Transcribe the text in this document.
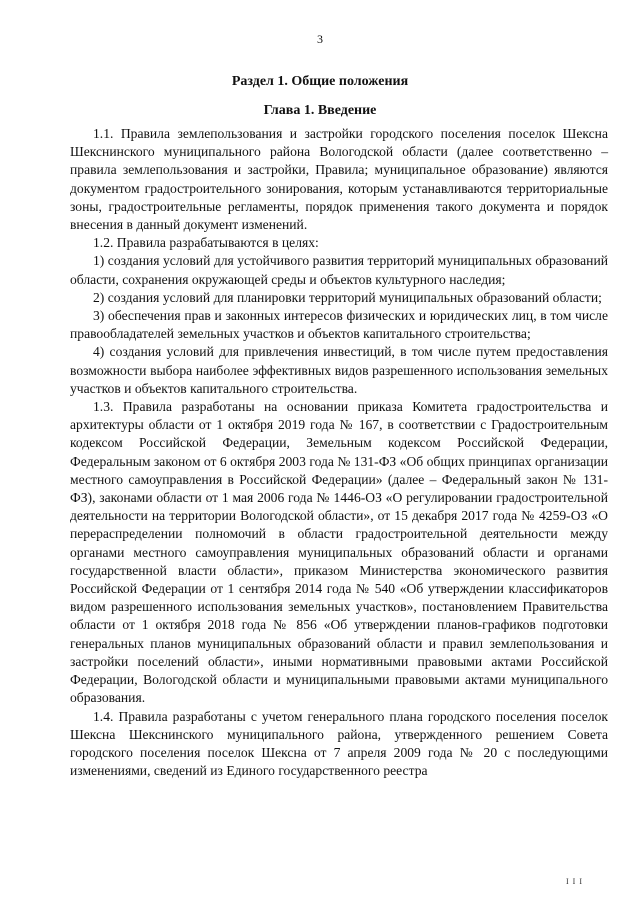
3
Раздел 1. Общие положения
Глава 1. Введение

1.1. Правила землепользования и застройки городского поселения поселок Шексна Шекснинского муниципального района Вологодской области (далее соответственно – правила землепользования и застройки, Правила; муниципальное образование) являются документом градостроительного зонирования, которым устанавливаются территориальные зоны, градостроительные регламенты, порядок применения такого документа и порядок внесения в данный документ изменений.

1.2. Правила разрабатываются в целях:

1) создания условий для устойчивого развития территорий муниципальных образований области, сохранения окружающей среды и объектов культурного наследия;

2) создания условий для планировки территорий муниципальных образований области;

3) обеспечения прав и законных интересов физических и юридических лиц, в том числе правообладателей земельных участков и объектов капитального строительства;

4) создания условий для привлечения инвестиций, в том числе путем предоставления возможности выбора наиболее эффективных видов разрешенного использования земельных участков и объектов капитального строительства.

1.3. Правила разработаны на основании приказа Комитета градостроительства и архитектуры области от 1 октября 2019 года № 167, в соответствии с Градостроительным кодексом Российской Федерации, Земельным кодексом Российской Федерации, Федеральным законом от 6 октября 2003 года № 131-ФЗ «Об общих принципах организации местного самоуправления в Российской Федерации» (далее – Федеральный закон № 131-ФЗ), законами области от 1 мая 2006 года № 1446-ОЗ «О регулировании градостроительной деятельности на территории Вологодской области», от 15 декабря 2017 года № 4259-ОЗ «О перераспределении полномочий в области градостроительной деятельности между органами местного самоуправления муниципальных образований области и органами государственной власти области», приказом Министерства экономического развития Российской Федерации от 1 сентября 2014 года № 540 «Об утверждении классификаторов видом разрешенного использования земельных участков», постановлением Правительства области от 1 октября 2018 года № 856 «Об утверждении планов-графиков подготовки генеральных планов муниципальных образований области и правил землепользования и застройки поселений области», иными нормативными правовыми актами Российской Федерации, Вологодской области и муниципальными правовыми актами муниципального образования.

1.4. Правила разработаны с учетом генерального плана городского поселения поселок Шексна Шекснинского муниципального района, утвержденного решением Совета городского поселения поселок Шексна от 7 апреля 2009 года № 20 с последующими изменениями, сведений из Единого государственного реестра

I I I
